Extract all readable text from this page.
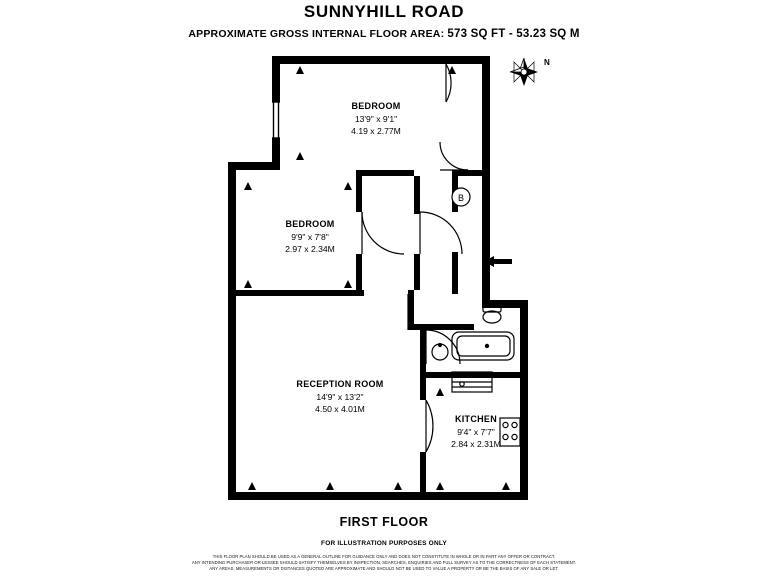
SUNNYHILL ROAD
APPROXIMATE GROSS INTERNAL FLOOR AREA: 573 SQ FT - 53.23 SQ M
B
N
BEDROOM
13'9" x 9'1"
4.19 x 2.77M
BEDROOM
9'9" x 7'8"
2.97 x 2.34M
RECEPTION ROOM
14'9" x 13'2"
4.50 x 4.01M
KITCHEN
9'4" x 7'7"
2.84 x 2.31M
FIRST FLOOR
FOR ILLUSTRATION PURPOSES ONLY
THIS FLOOR PLAN SHOULD BE USED AS A GENERAL OUTLINE FOR GUIDANCE ONLY AND DOES NOT CONSTITUTE IN WHOLE OR IN PART ANY OFFER OR CONTRACT.
ANY INTENDING PURCHASER OR LESSEE SHOULD SATISFY THEMSELVES BY INSPECTION, SEARCHES, ENQUIRIES AND FULL SURVEY AS TO THE CORRECTNESS OF EACH STATEMENT.
ANY AREAS, MEASUREMENTS OR DISTANCES QUOTED ARE APPROXIMATE AND SHOULD NOT BE USED TO VALUE A PROPERTY OR BE THE BASIS OF ANY SALE OR LET.
